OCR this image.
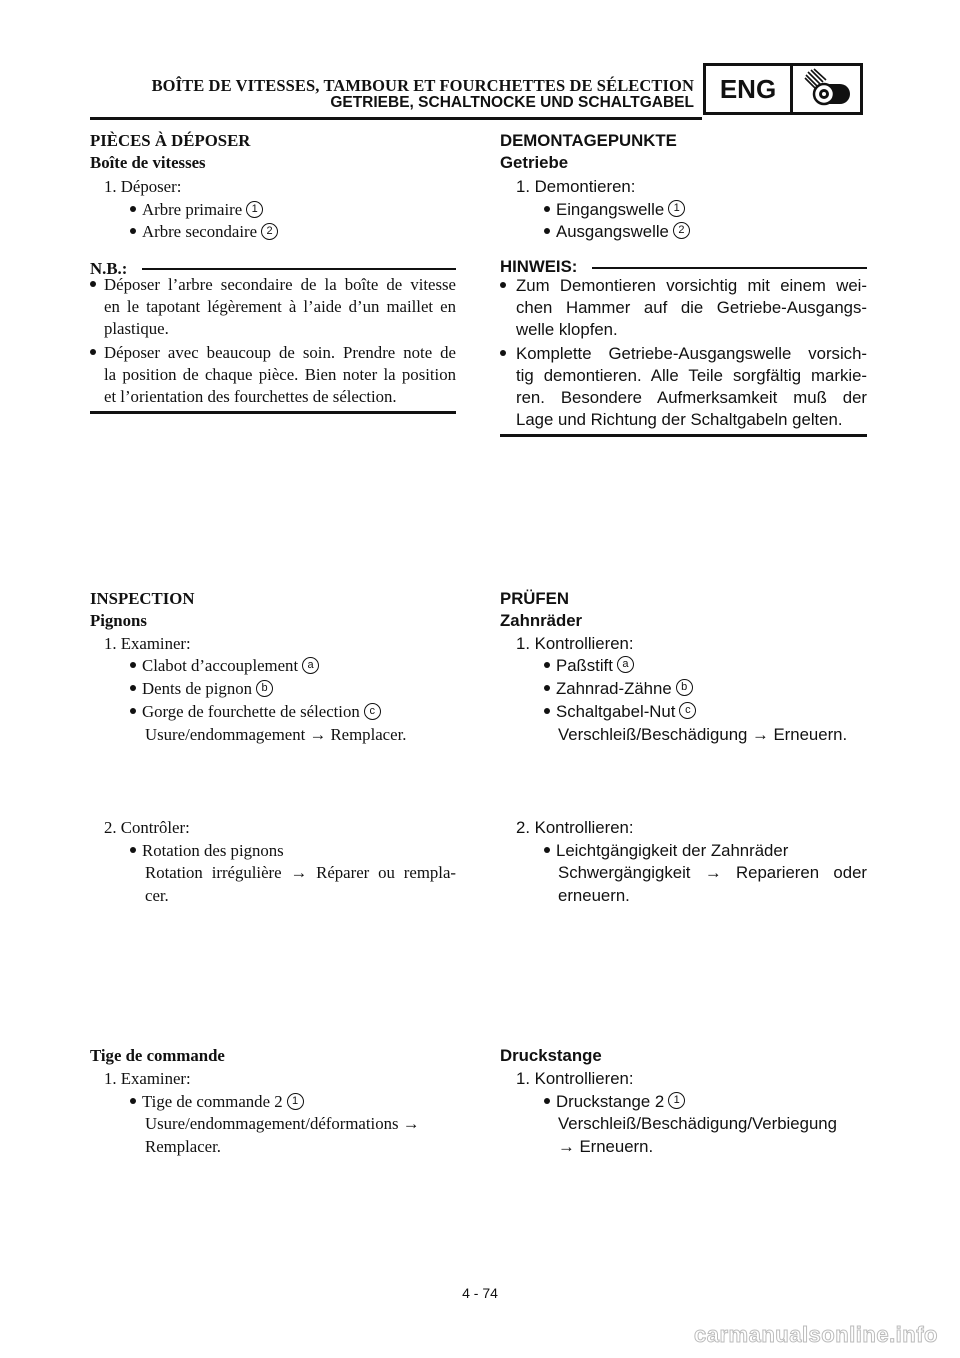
BOÎTE DE VITESSES, TAMBOUR ET FOURCHETTES DE SÉLECTION
GETRIEBE, SCHALTNOCKE UND SCHALTGABEL ENG
PIÈCES À DÉPOSER
Boîte de vitesses
1. Déposer:
Arbre primaire 1
Arbre secondaire 2
N.B.:
Déposer l’arbre secondaire de la boîte de vitesse
en le tapotant légèrement à l’aide d’un maillet en
plastique.
Déposer avec beaucoup de soin. Prendre note de
la position de chaque pièce. Bien noter la position
et l’orientation des fourchettes de sélection.
INSPECTION
Pignons
1. Examiner:
Clabot d’accouplement a
Dents de pignon b
Gorge de fourchette de sélection c
Usure/endommagement → Remplacer.
2. Contrôler:
Rotation des pignons
Rotation irrégulière → Réparer ou rempla-
cer.
Tige de commande
1. Examiner:
Tige de commande 2 1
Usure/endommagement/déformations →
Remplacer.
DEMONTAGEPUNKTE
Getriebe
1. Demontieren:
Eingangswelle 1
Ausgangswelle 2
HINWEIS:
Zum Demontieren vorsichtig mit einem wei-
chen Hammer auf die Getriebe-Ausgangs-
welle klopfen.
Komplette Getriebe-Ausgangswelle vorsich-
tig demontieren. Alle Teile sorgfältig markie-
ren. Besondere Aufmerksamkeit muß der
Lage und Richtung der Schaltgabeln gelten.
PRÜFEN
Zahnräder
1. Kontrollieren:
Paßstift a
Zahnrad-Zähne b
Schaltgabel-Nut c
Verschleiß/Beschädigung → Erneuern.
2. Kontrollieren:
Leichtgängigkeit der Zahnräder
Schwergängigkeit → Reparieren oder
erneuern.
Druckstange
1. Kontrollieren:
Druckstange 2 1
Verschleiß/Beschädigung/Verbiegung
→ Erneuern.
4 - 74
carmanualsonline.info
